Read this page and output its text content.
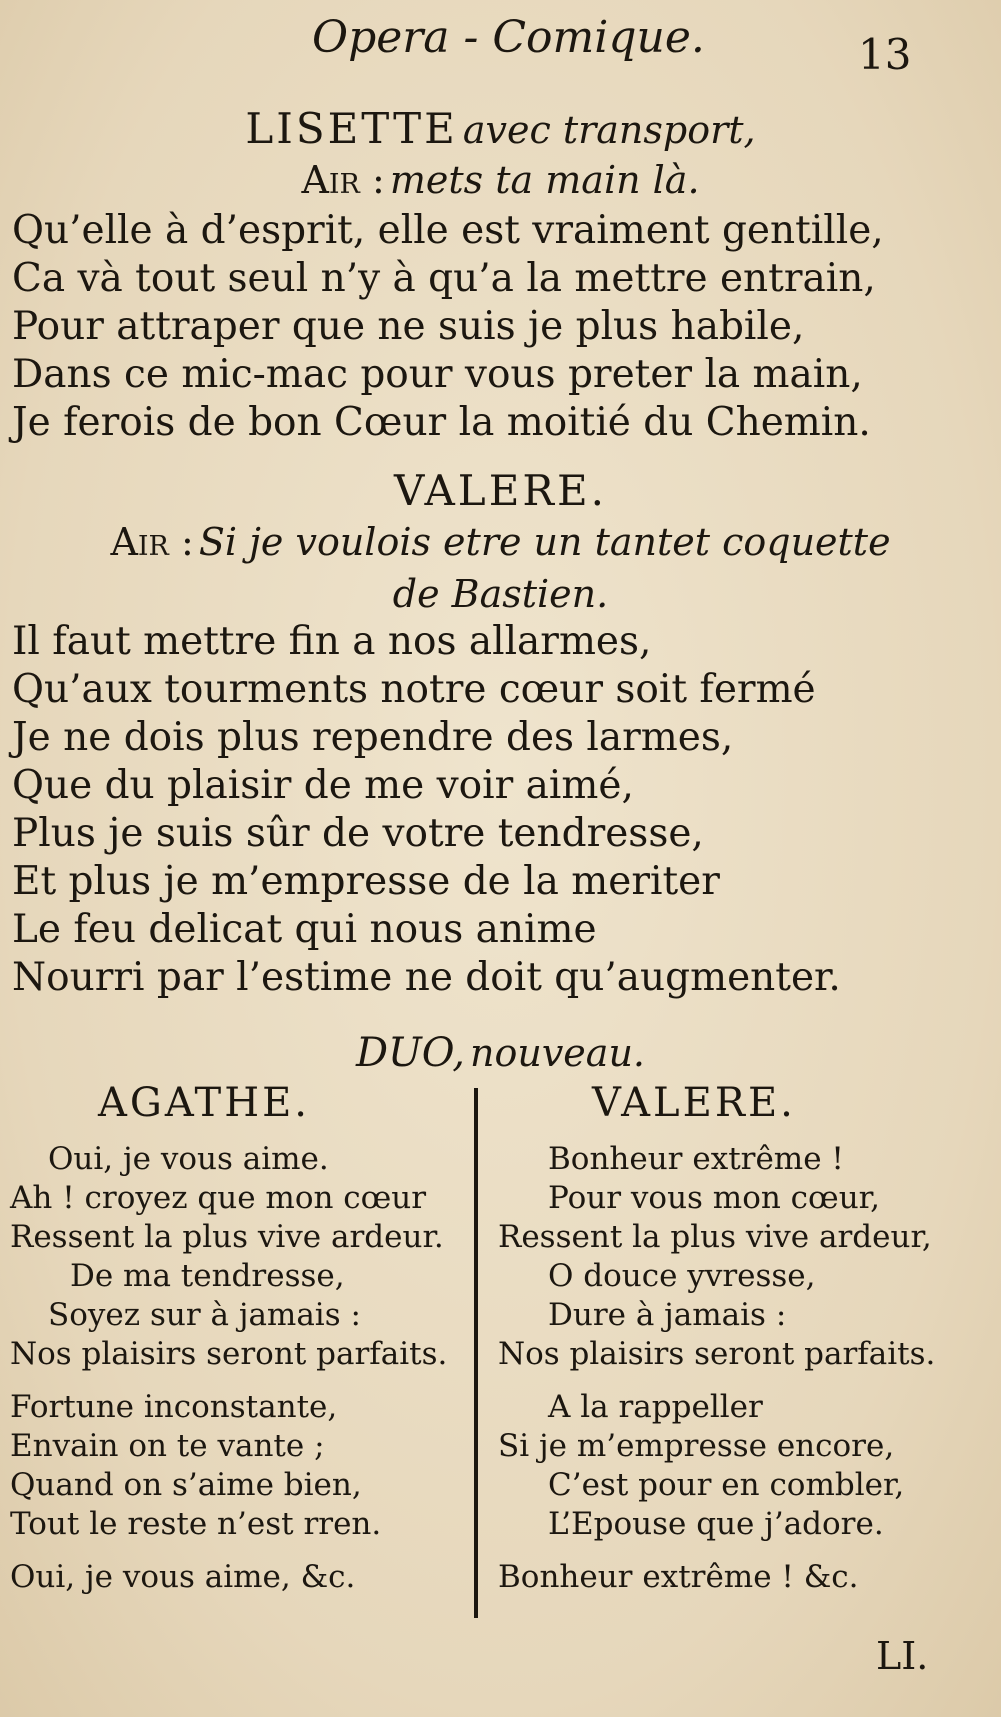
Opera - Comique.	13
LISETTE avec transport,
Air : mets ta main là.
Qu’elle à d’esprit, elle est vraiment gentille,
Ca và tout seul n’y à qu’a la mettre entrain,
Pour attraper que ne suis je plus habile,
Dans ce mic-mac pour vous preter la main,
Je ferois de bon Cœur la moitié du Chemin.
VALERE.
Air : Si je voulois etre un tantet coquette
de Bastien.
Il faut mettre fin a nos allarmes,
Qu’aux tourments notre cœur soit fermé
Je ne dois plus rependre des larmes,
Que du plaisir de me voir aimé,
Plus je suis sûr de votre tendresse,
Et plus je m’empresse de la meriter
Le feu delicat qui nous anime
Nourri par l’estime ne doit qu’augmenter.
DUO, nouveau.
AGATHE.
Oui, je vous aime.
Ah ! croyez que mon cœur
Ressent la plus vive ardeur.
De ma tendresse,
Soyez sur à jamais :
Nos plaisirs seront parfaits.
Fortune inconstante,
Envain on te vante ;
Quand on s’aime bien,
Tout le reste n’est rren.
Oui, je vous aime, &c.
VALERE.
Bonheur extrême !
Pour vous mon cœur,
Ressent la plus vive ardeur,
O douce yvresse,
Dure à jamais :
Nos plaisirs seront parfaits.
A la rappeller
Si je m’empresse encore,
C’est pour en combler,
L’Epouse que j’adore.
Bonheur extrême ! &c.
LI.
